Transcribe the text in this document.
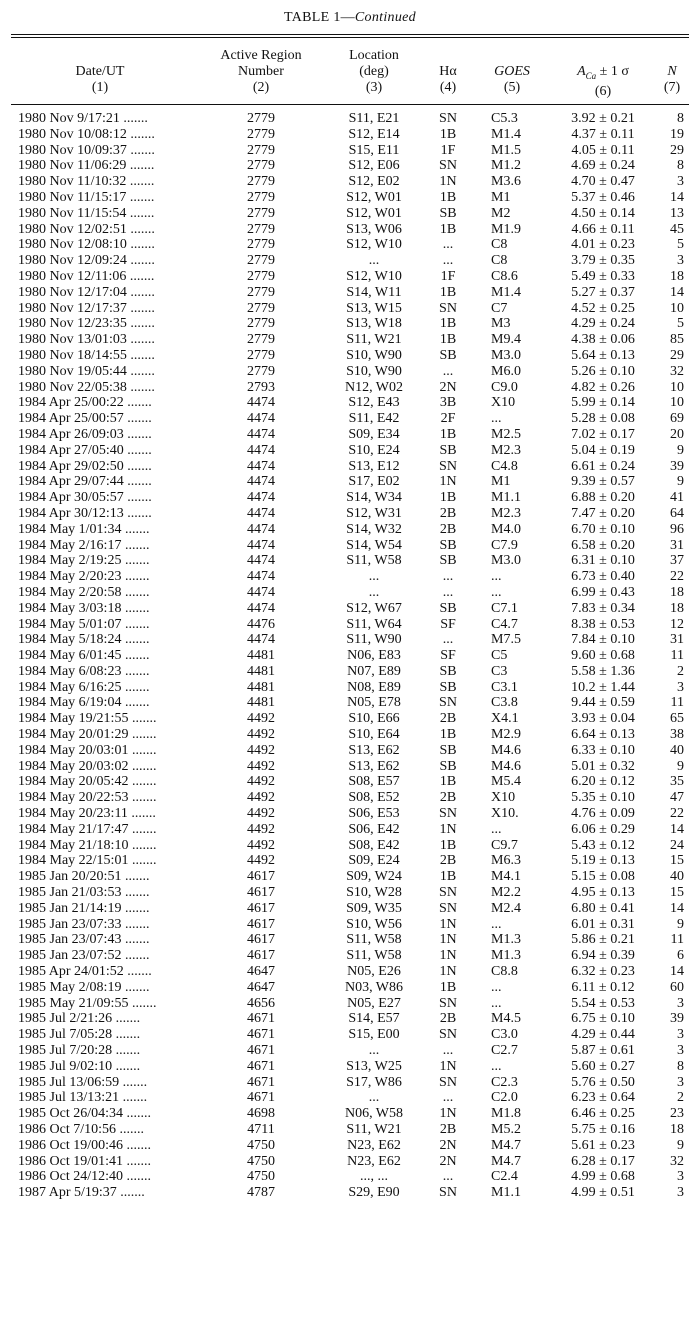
TABLE 1—Continued
Date/UT
(1)
Active Region
Number
(2)
Location
(deg)
(3)
Hα
(4)
GOES
(5)
$A_{Ca} \pm 1$ σ
(6)
N
(7)
1980 Nov 9/17:21 .......	2779	S11, E21	SN	C5.3	3.92 ± 0.21	8
1980 Nov 10/08:12 .......	2779	S12, E14	1B	M1.4	4.37 ± 0.11	19
1980 Nov 10/09:37 .......	2779	S15, E11	1F	M1.5	4.05 ± 0.11	29
1980 Nov 11/06:29 .......	2779	S12, E06	SN	M1.2	4.69 ± 0.24	8
1980 Nov 11/10:32 .......	2779	S12, E02	1N	M3.6	4.70 ± 0.47	3
1980 Nov 11/15:17 .......	2779	S12, W01	1B	M1	5.37 ± 0.46	14
1980 Nov 11/15:54 .......	2779	S12, W01	SB	M2	4.50 ± 0.14	13
1980 Nov 12/02:51 .......	2779	S13, W06	1B	M1.9	4.66 ± 0.11	45
1980 Nov 12/08:10 .......	2779	S12, W10	...	C8	4.01 ± 0.23	5
1980 Nov 12/09:24 .......	2779	...	...	C8	3.79 ± 0.35	3
1980 Nov 12/11:06 .......	2779	S12, W10	1F	C8.6	5.49 ± 0.33	18
1980 Nov 12/17:04 .......	2779	S14, W11	1B	M1.4	5.27 ± 0.37	14
1980 Nov 12/17:37 .......	2779	S13, W15	SN	C7	4.52 ± 0.25	10
1980 Nov 12/23:35 .......	2779	S13, W18	1B	M3	4.29 ± 0.24	5
1980 Nov 13/01:03 .......	2779	S11, W21	1B	M9.4	4.38 ± 0.06	85
1980 Nov 18/14:55 .......	2779	S10, W90	SB	M3.0	5.64 ± 0.13	29
1980 Nov 19/05:44 .......	2779	S10, W90	...	M6.0	5.26 ± 0.10	32
1980 Nov 22/05:38 .......	2793	N12, W02	2N	C9.0	4.82 ± 0.26	10
1984 Apr 25/00:22 .......	4474	S12, E43	3B	X10	5.99 ± 0.14	10
1984 Apr 25/00:57 .......	4474	S11, E42	2F	...	5.28 ± 0.08	69
1984 Apr 26/09:03 .......	4474	S09, E34	1B	M2.5	7.02 ± 0.17	20
1984 Apr 27/05:40 .......	4474	S10, E24	SB	M2.3	5.04 ± 0.19	9
1984 Apr 29/02:50 .......	4474	S13, E12	SN	C4.8	6.61 ± 0.24	39
1984 Apr 29/07:44 .......	4474	S17, E02	1N	M1	9.39 ± 0.57	9
1984 Apr 30/05:57 .......	4474	S14, W34	1B	M1.1	6.88 ± 0.20	41
1984 Apr 30/12:13 .......	4474	S12, W31	2B	M2.3	7.47 ± 0.20	64
1984 May 1/01:34 .......	4474	S14, W32	2B	M4.0	6.70 ± 0.10	96
1984 May 2/16:17 .......	4474	S14, W54	SB	C7.9	6.58 ± 0.20	31
1984 May 2/19:25 .......	4474	S11, W58	SB	M3.0	6.31 ± 0.10	37
1984 May 2/20:23 .......	4474	...	...	...	6.73 ± 0.40	22
1984 May 2/20:58 .......	4474	...	...	...	6.99 ± 0.43	18
1984 May 3/03:18 .......	4474	S12, W67	SB	C7.1	7.83 ± 0.34	18
1984 May 5/01:07 .......	4476	S11, W64	SF	C4.7	8.38 ± 0.53	12
1984 May 5/18:24 .......	4474	S11, W90	...	M7.5	7.84 ± 0.10	31
1984 May 6/01:45 .......	4481	N06, E83	SF	C5	9.60 ± 0.68	11
1984 May 6/08:23 .......	4481	N07, E89	SB	C3	5.58 ± 1.36	2
1984 May 6/16:25 .......	4481	N08, E89	SB	C3.1	10.2 ± 1.44	3
1984 May 6/19:04 .......	4481	N05, E78	SN	C3.8	9.44 ± 0.59	11
1984 May 19/21:55 .......	4492	S10, E66	2B	X4.1	3.93 ± 0.04	65
1984 May 20/01:29 .......	4492	S10, E64	1B	M2.9	6.64 ± 0.13	38
1984 May 20/03:01 .......	4492	S13, E62	SB	M4.6	6.33 ± 0.10	40
1984 May 20/03:02 .......	4492	S13, E62	SB	M4.6	5.01 ± 0.32	9
1984 May 20/05:42 .......	4492	S08, E57	1B	M5.4	6.20 ± 0.12	35
1984 May 20/22:53 .......	4492	S08, E52	2B	X10	5.35 ± 0.10	47
1984 May 20/23:11 .......	4492	S06, E53	SN	X10.	4.76 ± 0.09	22
1984 May 21/17:47 .......	4492	S06, E42	1N	...	6.06 ± 0.29	14
1984 May 21/18:10 .......	4492	S08, E42	1B	C9.7	5.43 ± 0.12	24
1984 May 22/15:01 .......	4492	S09, E24	2B	M6.3	5.19 ± 0.13	15
1985 Jan 20/20:51 .......	4617	S09, W24	1B	M4.1	5.15 ± 0.08	40
1985 Jan 21/03:53 .......	4617	S10, W28	SN	M2.2	4.95 ± 0.13	15
1985 Jan 21/14:19 .......	4617	S09, W35	SN	M2.4	6.80 ± 0.41	14
1985 Jan 23/07:33 .......	4617	S10, W56	1N	...	6.01 ± 0.31	9
1985 Jan 23/07:43 .......	4617	S11, W58	1N	M1.3	5.86 ± 0.21	11
1985 Jan 23/07:52 .......	4617	S11, W58	1N	M1.3	6.94 ± 0.39	6
1985 Apr 24/01:52 .......	4647	N05, E26	1N	C8.8	6.32 ± 0.23	14
1985 May 2/08:19 .......	4647	N03, W86	1B	...	6.11 ± 0.12	60
1985 May 21/09:55 .......	4656	N05, E27	SN	...	5.54 ± 0.53	3
1985 Jul 2/21:26 .......	4671	S14, E57	2B	M4.5	6.75 ± 0.10	39
1985 Jul 7/05:28 .......	4671	S15, E00	SN	C3.0	4.29 ± 0.44	3
1985 Jul 7/20:28 .......	4671	...	...	C2.7	5.87 ± 0.61	3
1985 Jul 9/02:10 .......	4671	S13, W25	1N	...	5.60 ± 0.27	8
1985 Jul 13/06:59 .......	4671	S17, W86	SN	C2.3	5.76 ± 0.50	3
1985 Jul 13/13:21 .......	4671	...	...	C2.0	6.23 ± 0.64	2
1985 Oct 26/04:34 .......	4698	N06, W58	1N	M1.8	6.46 ± 0.25	23
1986 Oct 7/10:56 .......	4711	S11, W21	2B	M5.2	5.75 ± 0.16	18
1986 Oct 19/00:46 .......	4750	N23, E62	2N	M4.7	5.61 ± 0.23	9
1986 Oct 19/01:41 .......	4750	N23, E62	2N	M4.7	6.28 ± 0.17	32
1986 Oct 24/12:40 .......	4750	..., ...	...	C2.4	4.99 ± 0.68	3
1987 Apr 5/19:37 .......	4787	S29, E90	SN	M1.1	4.99 ± 0.51	3
